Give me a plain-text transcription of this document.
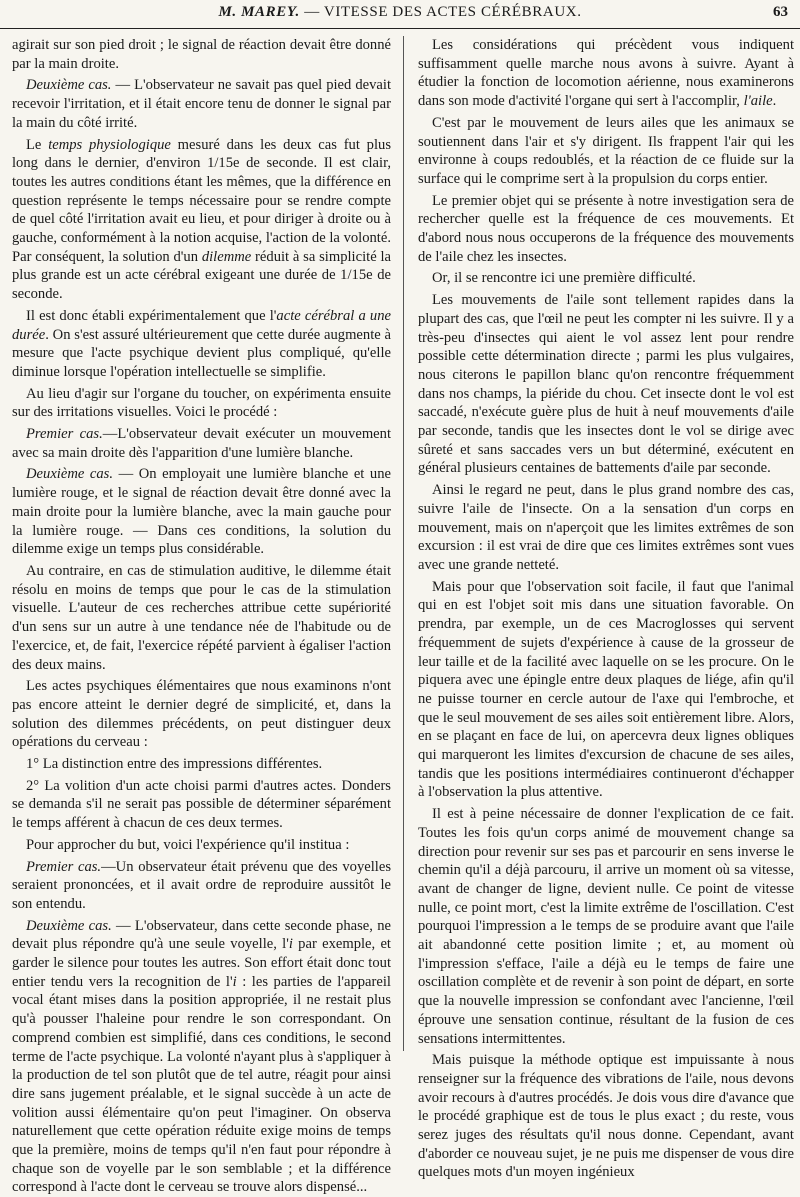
M. MAREY. — VITESSE DES ACTES CÉRÉBRAUX.	63

agirait sur son pied droit ; le signal de réaction devait être donné par la main droite.

Deuxième cas. — L'observateur ne savait pas quel pied devait recevoir l'irritation, et il était encore tenu de donner le signal par la main du côté irrité.

Le temps physiologique mesuré dans les deux cas fut plus long dans le dernier, d'environ 1/15e de seconde. Il est clair, toutes les autres conditions étant les mêmes, que la différence en question représente le temps nécessaire pour se rendre compte de quel côté l'irritation avait eu lieu, et pour diriger à droite ou à gauche, conformément à la notion acquise, l'action de la volonté. Par conséquent, la solution d'un dilemme réduit à sa simplicité la plus grande est un acte cérébral exigeant une durée de 1/15e de seconde.

Il est donc établi expérimentalement que l'acte cérébral a une durée. On s'est assuré ultérieurement que cette durée augmente à mesure que l'acte psychique devient plus compliqué, qu'elle diminue lorsque l'opération intellectuelle se simplifie.

Au lieu d'agir sur l'organe du toucher, on expérimenta ensuite sur des irritations visuelles. Voici le procédé :

Premier cas.—L'observateur devait exécuter un mouvement avec sa main droite dès l'apparition d'une lumière blanche.

Deuxième cas. — On employait une lumière blanche et une lumière rouge, et le signal de réaction devait être donné avec la main droite pour la lumière blanche, avec la main gauche pour la lumière rouge. — Dans ces conditions, la solution du dilemme exige un temps plus considérable.

Au contraire, en cas de stimulation auditive, le dilemme était résolu en moins de temps que pour le cas de la stimulation visuelle. L'auteur de ces recherches attribue cette supériorité d'un sens sur un autre à une tendance née de l'habitude ou de l'exercice, et, de fait, l'exercice répété parvient à égaliser l'action des deux mains.

Les actes psychiques élémentaires que nous examinons n'ont pas encore atteint le dernier degré de simplicité, et, dans la solution des dilemmes précédents, on peut distinguer deux opérations du cerveau :

1° La distinction entre des impressions différentes.

2° La volition d'un acte choisi parmi d'autres actes. Donders se demanda s'il ne serait pas possible de déterminer séparément le temps afférent à chacun de ces deux termes.

Pour approcher du but, voici l'expérience qu'il institua :

Premier cas.—Un observateur était prévenu que des voyelles seraient prononcées, et il avait ordre de reproduire aussitôt le son entendu.

Deuxième cas. — L'observateur, dans cette seconde phase, ne devait plus répondre qu'à une seule voyelle, l'i par exemple, et garder le silence pour toutes les autres. Son effort était donc tout entier tendu vers la recognition de l'i : les parties de l'appareil vocal étant mises dans la position appropriée, il ne restait plus qu'à pousser l'haleine pour rendre le son correspondant. On comprend combien est simplifié, dans ces conditions, le second terme de l'acte psychique. La volonté n'ayant plus à s'appliquer à la production de tel son plutôt que de tel autre, réagit pour ainsi dire sans jugement préalable, et le signal succède à un acte de volition aussi élémentaire qu'on peut l'imaginer. On observa naturellement que cette opération réduite exige moins de temps que la première, moins de temps qu'il n'en faut pour répondre à chaque son de voyelle par le son semblable ; et la différence correspond à l'acte dont le cerveau se trouve alors dispensé...

Les considérations qui précèdent vous indiquent suffisamment quelle marche nous avons à suivre. Ayant à étudier la fonction de locomotion aérienne, nous examinerons dans son mode d'activité l'organe qui sert à l'accomplir, l'aile.

C'est par le mouvement de leurs ailes que les animaux se soutiennent dans l'air et s'y dirigent. Ils frappent l'air qui les environne à coups redoublés, et la réaction de ce fluide sur la surface qui le comprime sert à la propulsion du corps entier.

Le premier objet qui se présente à notre investigation sera de rechercher quelle est la fréquence de ces mouvements. Et d'abord nous nous occuperons de la fréquence des mouvements de l'aile chez les insectes.

Or, il se rencontre ici une première difficulté.

Les mouvements de l'aile sont tellement rapides dans la plupart des cas, que l'œil ne peut les compter ni les suivre. Il y a très-peu d'insectes qui aient le vol assez lent pour rendre possible cette détermination directe ; parmi les plus vulgaires, nous citerons le papillon blanc qu'on rencontre fréquemment dans nos champs, la piéride du chou. Cet insecte dont le vol est saccadé, n'exécute guère plus de huit à neuf mouvements d'aile par seconde, tandis que les insectes dont le vol se dirige avec sûreté et sans saccades vers un but déterminé, exécutent en général plusieurs centaines de battements d'aile par seconde.

Ainsi le regard ne peut, dans le plus grand nombre des cas, suivre l'aile de l'insecte. On a la sensation d'un corps en mouvement, mais on n'aperçoit que les limites extrêmes de son excursion : il est vrai de dire que ces limites extrêmes sont vues avec une grande netteté.

Mais pour que l'observation soit facile, il faut que l'animal qui en est l'objet soit mis dans une situation favorable. On prendra, par exemple, un de ces Macroglosses qui servent fréquemment de sujets d'expérience à cause de la grosseur de leur taille et de la facilité avec laquelle on se les procure. On le piquera avec une épingle entre deux plaques de liége, afin qu'il ne puisse tourner en cercle autour de l'axe qui l'embroche, et que le seul mouvement de ses ailes soit entièrement libre. Alors, en se plaçant en face de lui, on apercevra deux lignes obliques qui marqueront les limites d'excursion de chacune de ses ailes, tandis que les positions intermédiaires continueront d'échapper à l'observation la plus attentive.

Il est à peine nécessaire de donner l'explication de ce fait. Toutes les fois qu'un corps animé de mouvement change sa direction pour revenir sur ses pas et parcourir en sens inverse le chemin qu'il a déjà parcouru, il arrive un moment où sa vitesse, avant de changer de ligne, devient nulle. Ce point de vitesse nulle, ce point mort, c'est la limite extrême de l'oscillation. C'est pourquoi l'impression a le temps de se produire avant que l'aile ait abandonné cette position limite ; et, au moment où l'impression s'efface, l'aile a déjà eu le temps de faire une oscillation complète et de revenir à son point de départ, en sorte que la nouvelle impression se confondant avec l'ancienne, l'œil éprouve une sensation continue, résultant de la fusion de ces sensations intermittentes.

Mais puisque la méthode optique est impuissante à nous renseigner sur la fréquence des vibrations de l'aile, nous devons avoir recours à d'autres procédés. Je dois vous dire d'avance que le procédé graphique est de tous le plus exact ; du reste, vous serez juges des résultats qu'il nous donne. Cependant, avant d'aborder ce nouveau sujet, je ne puis me dispenser de vous dire quelques mots d'un moyen ingénieux
